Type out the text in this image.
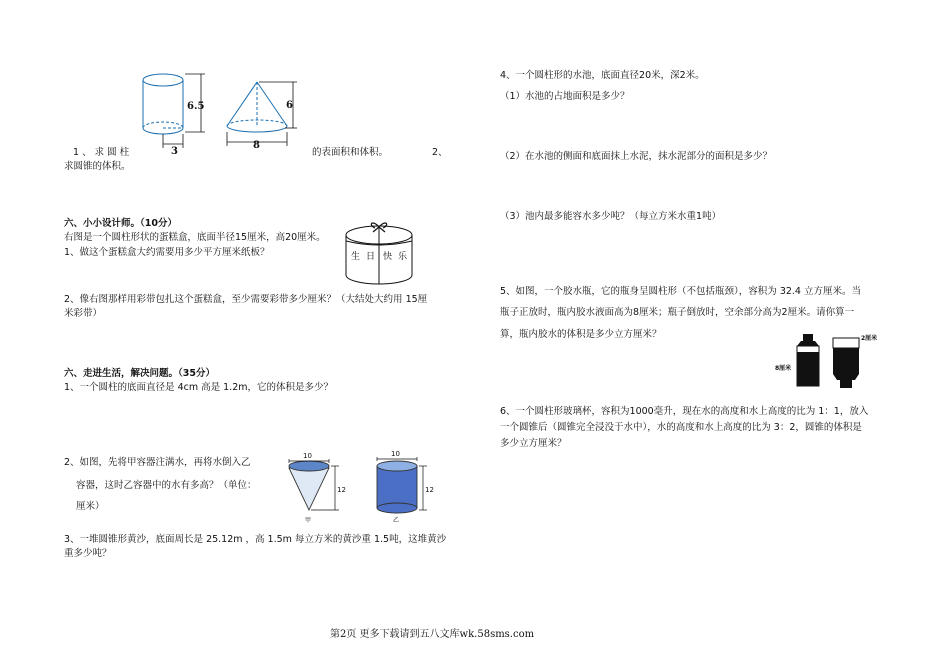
6.5
3
6
8
1 、 求 圆 柱	的表面积和体积。	2、
求圆锥的体积。
六、小小设计师。（10分）
右图是一个圆柱形状的蛋糕盒，底面半径15厘米，高20厘米。
1、做这个蛋糕盒大约需要用多少平方厘米纸板？	生 日 快 乐
2、像右图那样用彩带包扎这个蛋糕盒，至少需要彩带多少厘米？（大结处大约用 15厘
米彩带）
六、走进生活，解决问题。（35分）
1、一个圆柱的底面直径是 4cm 高是 1.2m，它的体积是多少？
2、如图，先将甲容器注满水，再将水倒入乙
容器，这时乙容器中的水有多高？（单位：
厘米）
10
12
甲
10
12
乙
3、一堆圆锥形黄沙，底面周长是 25.12m ，高 1.5m 每立方米的黄沙重 1.5吨，这堆黄沙
重多少吨？
4、一个圆柱形的水池，底面直径20米，深2米。
（1）水池的占地面积是多少？
（2）在水池的侧面和底面抹上水泥，抹水泥部分的面积是多少？
（3）池内最多能容水多少吨？（每立方米水重1吨）
5、如图，一个胶水瓶，它的瓶身呈圆柱形（不包括瓶颈），容积为 32.4 立方厘米。当
瓶子正放时，瓶内胶水液面高为8厘米；瓶子倒放时，空余部分高为2厘米。请你算一
算，瓶内胶水的体积是多少立方厘米？
8厘米
2厘米
6、一个圆柱形玻璃杯，容积为1000毫升，现在水的高度和水上高度的比为 1：1，放入
一个圆锥后（圆锥完全浸没于水中），水的高度和水上高度的比为 3：2，圆锥的体积是
多少立方厘米？
第2页 更多下载请到五八文库wk.58sms.com
